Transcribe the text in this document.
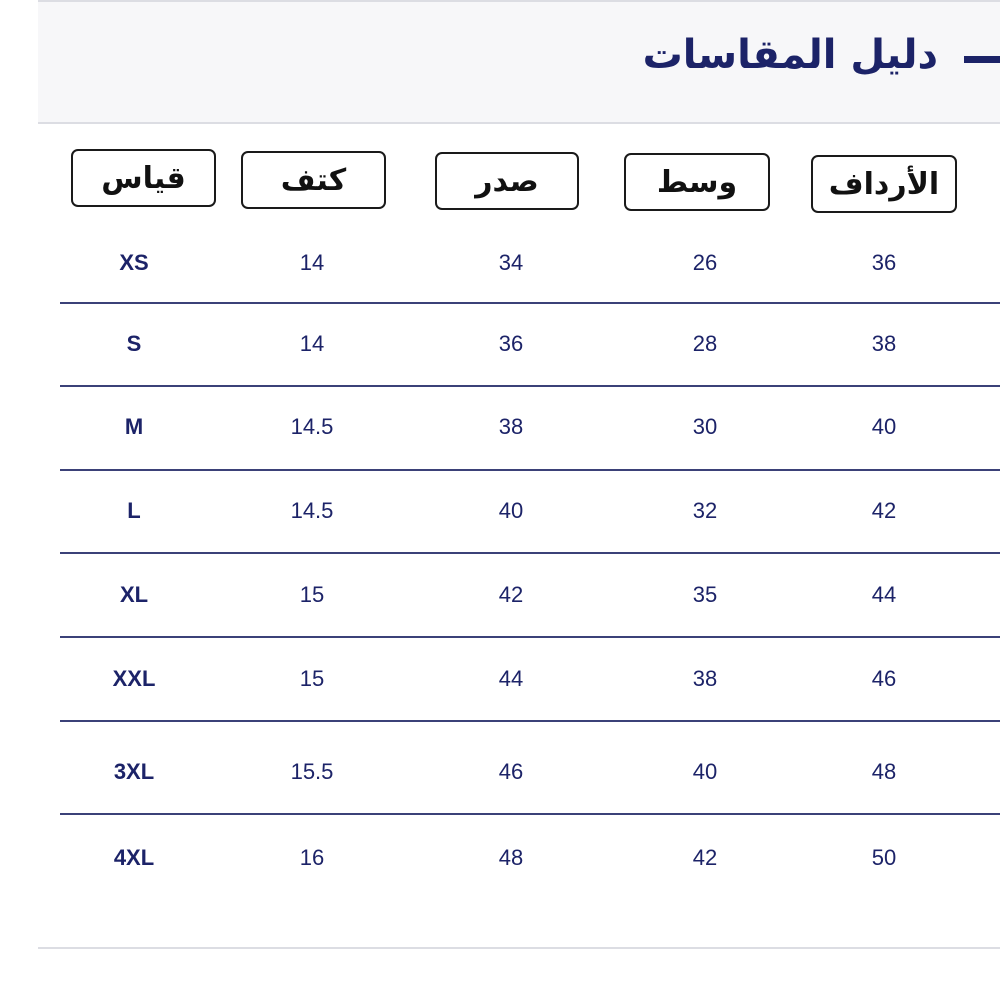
دليل المقاسات
قياس	كتف	صدر	وسط	الأرداف
XS	14	34	26	36
S	14	36	28	38
M	14.5	38	30	40
L	14.5	40	32	42
XL	15	42	35	44
XXL	15	44	38	46
3XL	15.5	46	40	48
4XL	16	48	42	50
